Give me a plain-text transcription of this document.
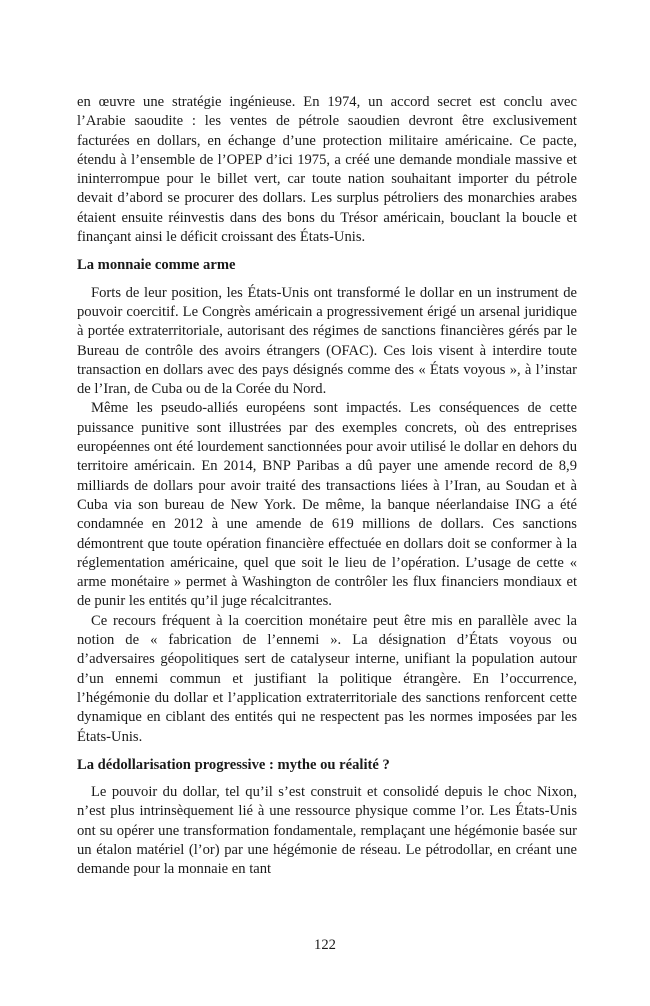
en œuvre une stratégie ingénieuse. En 1974, un accord secret est conclu avec l’Arabie saoudite : les ventes de pétrole saoudien devront être exclusivement facturées en dollars, en échange d’une protection militaire américaine. Ce pacte, étendu à l’ensemble de l’OPEP d’ici 1975, a créé une demande mondiale massive et ininterrompue pour le billet vert, car toute nation souhaitant importer du pétrole devait d’abord se procurer des dollars. Les surplus pétroliers des monarchies arabes étaient ensuite réinvestis dans des bons du Trésor américain, bouclant la boucle et finançant ainsi le déficit croissant des États-Unis.

La monnaie comme arme

Forts de leur position, les États-Unis ont transformé le dollar en un instrument de pouvoir coercitif. Le Congrès américain a progressivement érigé un arsenal juridique à portée extraterritoriale, autorisant des régimes de sanctions financières gérés par le Bureau de contrôle des avoirs étrangers (OFAC). Ces lois visent à interdire toute transaction en dollars avec des pays désignés comme des « États voyous », à l’instar de l’Iran, de Cuba ou de la Corée du Nord.

Même les pseudo-alliés européens sont impactés. Les conséquences de cette puissance punitive sont illustrées par des exemples concrets, où des entreprises européennes ont été lourdement sanctionnées pour avoir utilisé le dollar en dehors du territoire américain. En 2014, BNP Paribas a dû payer une amende record de 8,9 milliards de dollars pour avoir traité des transactions liées à l’Iran, au Soudan et à Cuba via son bureau de New York. De même, la banque néerlandaise ING a été condamnée en 2012 à une amende de 619 millions de dollars. Ces sanctions démontrent que toute opération financière effectuée en dollars doit se conformer à la réglementation américaine, quel que soit le lieu de l’opération. L’usage de cette « arme monétaire » permet à Washington de contrôler les flux financiers mondiaux et de punir les entités qu’il juge récalcitrantes.

Ce recours fréquent à la coercition monétaire peut être mis en parallèle avec la notion de « fabrication de l’ennemi ». La désignation d’États voyous ou d’adversaires géopolitiques sert de catalyseur interne, unifiant la population autour d’un ennemi commun et justifiant la politique étrangère. En l’occurrence, l’hégémonie du dollar et l’application extraterritoriale des sanctions renforcent cette dynamique en ciblant des entités qui ne respectent pas les normes imposées par les États-Unis.

La dédollarisation progressive : mythe ou réalité ?

Le pouvoir du dollar, tel qu’il s’est construit et consolidé depuis le choc Nixon, n’est plus intrinsèquement lié à une ressource physique comme l’or. Les États-Unis ont su opérer une transformation fondamentale, remplaçant une hégémonie basée sur un étalon matériel (l’or) par une hégémonie de réseau. Le pétrodollar, en créant une demande pour la monnaie en tant

122
